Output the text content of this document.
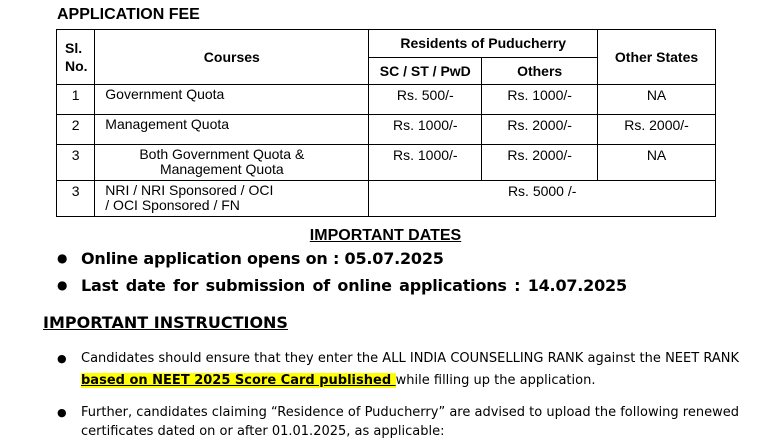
APPLICATION FEE
Sl. No.	Courses	Residents of Puducherry		Other States
		SC / ST / PwD	Others	
1	Government Quota	Rs. 500/-	Rs. 1000/-	NA
2	Management Quota	Rs. 1000/-	Rs. 2000/-	Rs. 2000/-
3	Both Government Quota & Management Quota	Rs. 1000/-	Rs. 2000/-	NA
3	NRI / NRI Sponsored / OCI / OCI Sponsored / FN	Rs. 5000 /-		
IMPORTANT DATES
● Online application opens on : 05.07.2025
● Last date for submission of online applications : 14.07.2025
IMPORTANT INSTRUCTIONS
● Candidates should ensure that they enter the ALL INDIA COUNSELLING RANK against the NEET RANK based on NEET 2025 Score Card published while filling up the application.
● Further, candidates claiming “Residence of Puducherry” are advised to upload the following renewed certificates dated on or after 01.01.2025, as applicable:
